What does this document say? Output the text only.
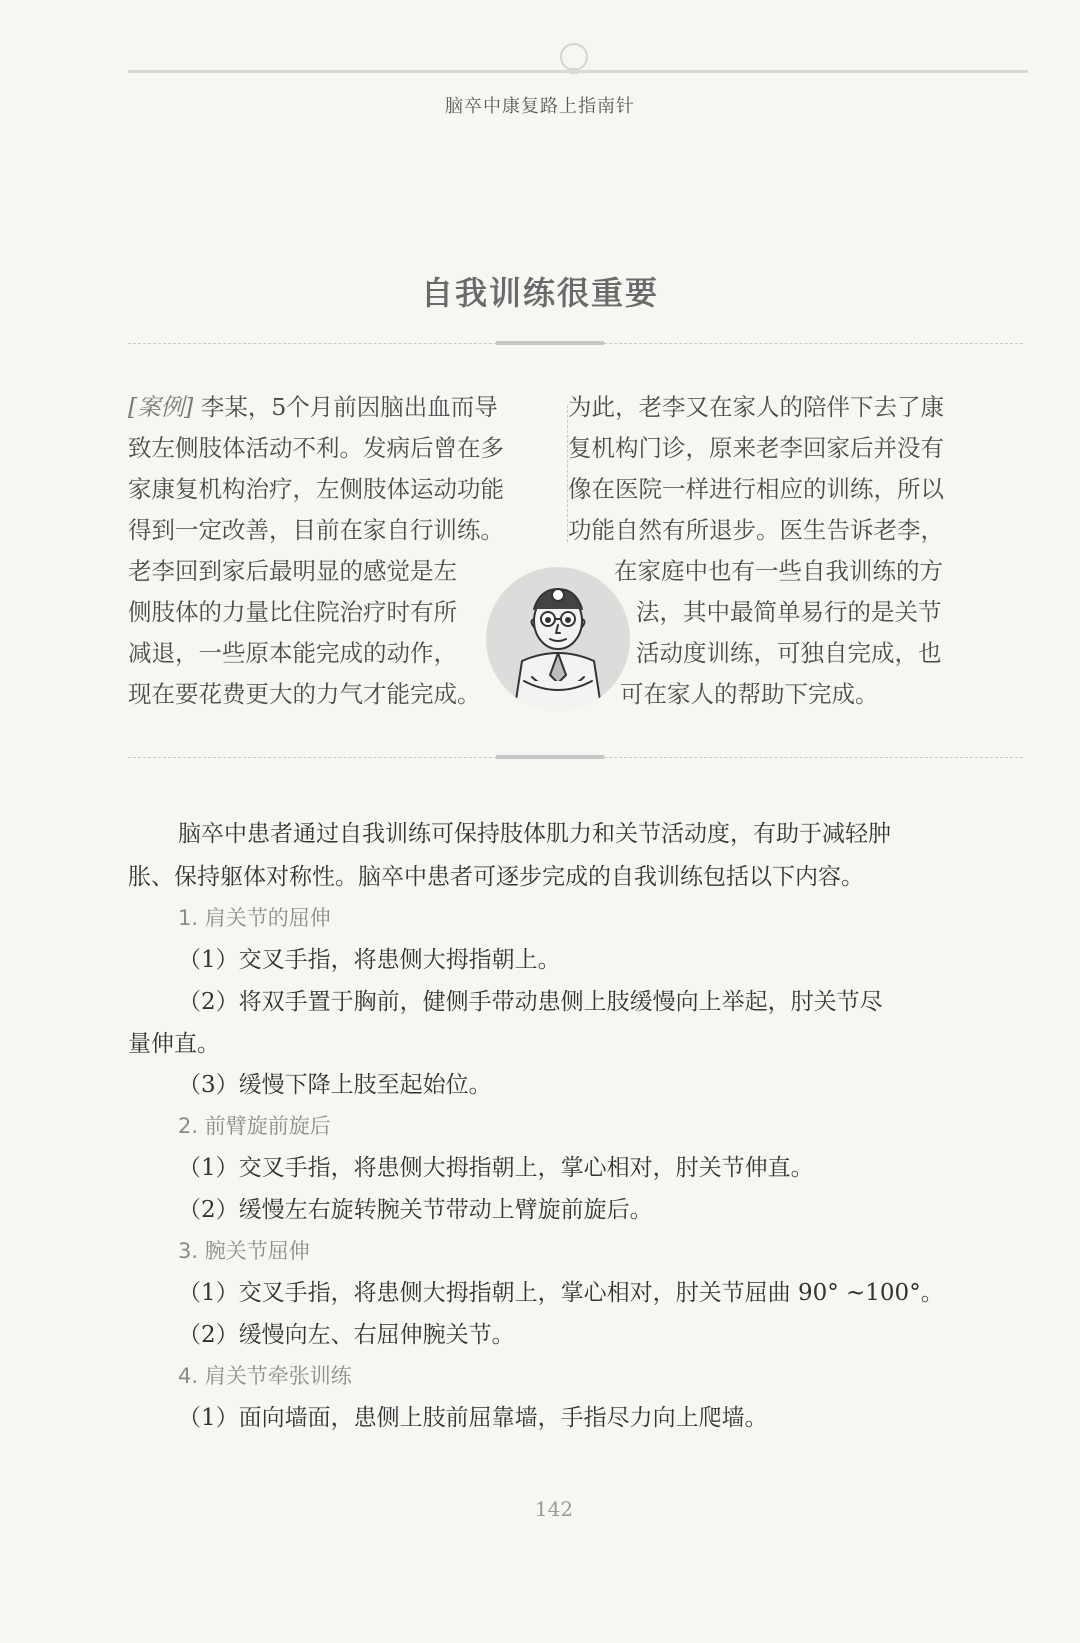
脑卒中康复路上指南针
自我训练很重要
[案例] 李某，5个月前因脑出血而导
致左侧肢体活动不利。发病后曾在多
家康复机构治疗，左侧肢体运动功能
得到一定改善，目前在家自行训练。
老李回到家后最明显的感觉是左
侧肢体的力量比住院治疗时有所
减退，一些原本能完成的动作，
现在要花费更大的力气才能完成。
为此，老李又在家人的陪伴下去了康
复机构门诊，原来老李回家后并没有
像在医院一样进行相应的训练，所以
功能自然有所退步。医生告诉老李，
在家庭中也有一些自我训练的方
法，其中最简单易行的是关节
活动度训练，可独自完成，也
可在家人的帮助下完成。
脑卒中患者通过自我训练可保持肢体肌力和关节活动度，有助于减轻肿
胀、保持躯体对称性。脑卒中患者可逐步完成的自我训练包括以下内容。
1. 肩关节的屈伸
（1）交叉手指，将患侧大拇指朝上。
（2）将双手置于胸前，健侧手带动患侧上肢缓慢向上举起，肘关节尽
量伸直。
（3）缓慢下降上肢至起始位。
2. 前臂旋前旋后
（1）交叉手指，将患侧大拇指朝上，掌心相对，肘关节伸直。
（2）缓慢左右旋转腕关节带动上臂旋前旋后。
3. 腕关节屈伸
（1）交叉手指，将患侧大拇指朝上，掌心相对，肘关节屈曲 90° ~100°。
（2）缓慢向左、右屈伸腕关节。
4. 肩关节牵张训练
（1）面向墙面，患侧上肢前屈靠墙，手指尽力向上爬墙。
142
